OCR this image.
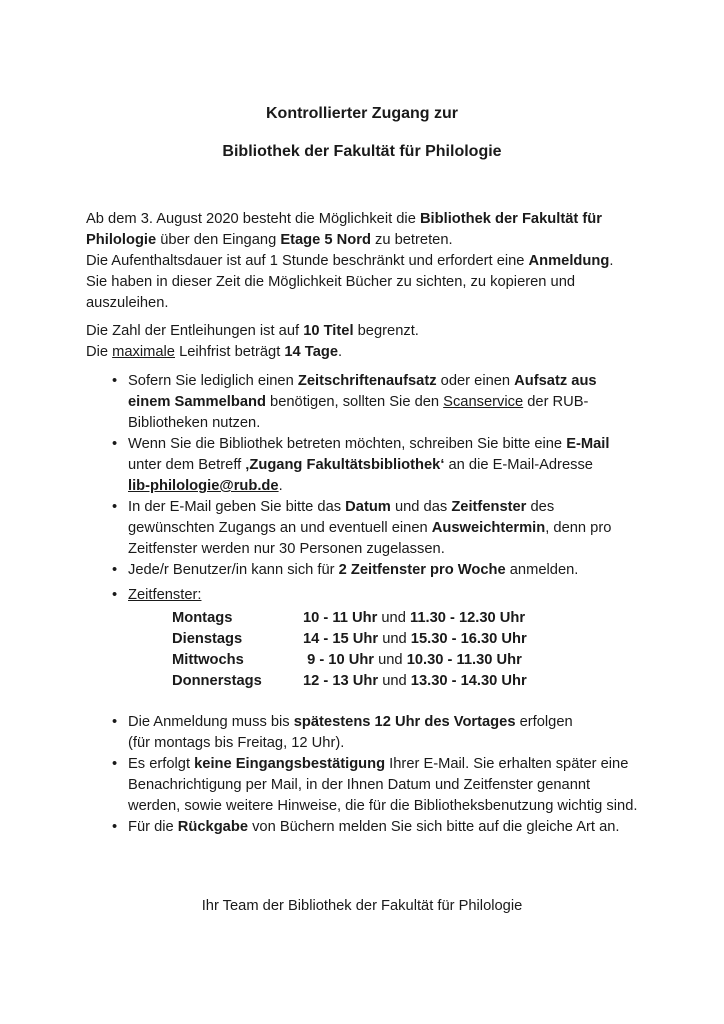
Kontrollierter Zugang zur
Bibliothek der Fakultät für Philologie

Ab dem 3. August 2020 besteht die Möglichkeit die Bibliothek der Fakultät für
Philologie über den Eingang Etage 5 Nord zu betreten.
Die Aufenthaltsdauer ist auf 1 Stunde beschränkt und erfordert eine Anmeldung.
Sie haben in dieser Zeit die Möglichkeit Bücher zu sichten, zu kopieren und
auszuleihen.

Die Zahl der Entleihungen ist auf 10 Titel begrenzt.
Die maximale Leihfrist beträgt 14 Tage.

• Sofern Sie lediglich einen Zeitschriftenaufsatz oder einen Aufsatz aus
einem Sammelband benötigen, sollten Sie den Scanservice der RUB-
Bibliotheken nutzen.
• Wenn Sie die Bibliothek betreten möchten, schreiben Sie bitte eine E-Mail
unter dem Betreff ‚Zugang Fakultätsbibliothek‘ an die E-Mail-Adresse
lib-philologie@rub.de.
• In der E-Mail geben Sie bitte das Datum und das Zeitfenster des
gewünschten Zugangs an und eventuell einen Ausweichtermin, denn pro
Zeitfenster werden nur 30 Personen zugelassen.
• Jede/r Benutzer/in kann sich für 2 Zeitfenster pro Woche anmelden.
• Zeitfenster:
Montags	10 - 11 Uhr und 11.30 - 12.30 Uhr
Dienstags	14 - 15 Uhr und 15.30 - 16.30 Uhr
Mittwochs	9 - 10 Uhr und 10.30 - 11.30 Uhr
Donnerstags	12 - 13 Uhr und 13.30 - 14.30 Uhr
• Die Anmeldung muss bis spätestens 12 Uhr des Vortages erfolgen
(für montags bis Freitag, 12 Uhr).
• Es erfolgt keine Eingangsbestätigung Ihrer E-Mail. Sie erhalten später eine
Benachrichtigung per Mail, in der Ihnen Datum und Zeitfenster genannt
werden, sowie weitere Hinweise, die für die Bibliotheksbenutzung wichtig sind.
• Für die Rückgabe von Büchern melden Sie sich bitte auf die gleiche Art an.
Ihr Team der Bibliothek der Fakultät für Philologie
